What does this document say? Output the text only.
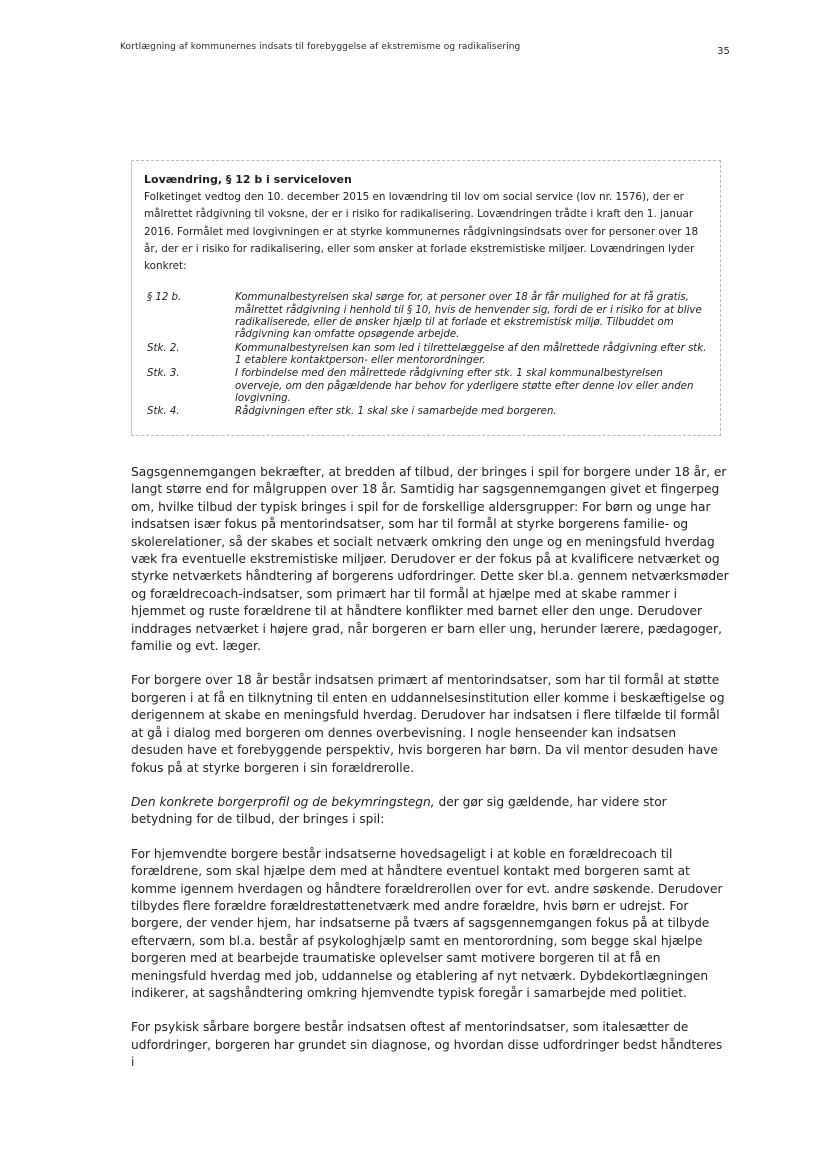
Kortlægning af kommunernes indsats til forebyggelse af ekstremisme og radikalisering	35
Lovændring, § 12 b i serviceloven

Folketinget vedtog den 10. december 2015 en lovændring til lov om social service (lov nr. 1576), der er målrettet rådgivning til voksne, der er i risiko for radikalisering. Lovændringen trådte i kraft den 1. januar 2016. Formålet med lovgivningen er at styrke kommunernes rådgivningsindsats over for personer over 18 år, der er i risiko for radikalisering, eller som ønsker at forlade ekstremistiske miljøer. Lovændringen lyder konkret:

§ 12 b.	Kommunalbestyrelsen skal sørge for, at personer over 18 år får mulighed for at få gratis, målrettet rådgivning i henhold til § 10, hvis de henvender sig, fordi de er i risiko for at blive radikaliserede, eller de ønsker hjælp til at forlade et ekstremistisk miljø. Tilbuddet om rådgivning kan omfatte opsøgende arbejde.
Stk. 2.	Kommunalbestyrelsen kan som led i tilrettelæggelse af den målrettede rådgivning efter stk. 1 etablere kontaktperson- eller mentorordninger.
Stk. 3.	I forbindelse med den målrettede rådgivning efter stk. 1 skal kommunalbestyrelsen overveje, om den pågældende har behov for yderligere støtte efter denne lov eller anden lovgivning.
Stk. 4.	Rådgivningen efter stk. 1 skal ske i samarbejde med borgeren.

Sagsgennemgangen bekræfter, at bredden af tilbud, der bringes i spil for borgere under 18 år, er langt større end for målgruppen over 18 år. Samtidig har sagsgennemgangen givet et fingerpeg om, hvilke tilbud der typisk bringes i spil for de forskellige aldersgrupper: For børn og unge har indsatsen især fokus på mentorindsatser, som har til formål at styrke borgerens familie- og skolerelationer, så der skabes et socialt netværk omkring den unge og en meningsfuld hverdag væk fra eventuelle ekstremistiske miljøer. Derudover er der fokus på at kvalificere netværket og styrke netværkets håndtering af borgerens udfordringer. Dette sker bl.a. gennem netværksmøder og forældrecoach-indsatser, som primært har til formål at hjælpe med at skabe rammer i hjemmet og ruste forældrene til at håndtere konflikter med barnet eller den unge. Derudover inddrages netværket i højere grad, når borgeren er barn eller ung, herunder lærere, pædagoger, familie og evt. læger.

For borgere over 18 år består indsatsen primært af mentorindsatser, som har til formål at støtte borgeren i at få en tilknytning til enten en uddannelsesinstitution eller komme i beskæftigelse og derigennem at skabe en meningsfuld hverdag. Derudover har indsatsen i flere tilfælde til formål at gå i dialog med borgeren om dennes overbevisning. I nogle henseender kan indsatsen desuden have et forebyggende perspektiv, hvis borgeren har børn. Da vil mentor desuden have fokus på at styrke borgeren i sin forældrerolle.

Den konkrete borgerprofil og de bekymringstegn, der gør sig gældende, har videre stor betydning for de tilbud, der bringes i spil:

For hjemvendte borgere består indsatserne hovedsageligt i at koble en forældrecoach til forældrene, som skal hjælpe dem med at håndtere eventuel kontakt med borgeren samt at komme igennem hverdagen og håndtere forældrerollen over for evt. andre søskende. Derudover tilbydes flere forældre forældrestøttenetværk med andre forældre, hvis børn er udrejst. For borgere, der vender hjem, har indsatserne på tværs af sagsgennemgangen fokus på at tilbyde efterværn, som bl.a. består af psykologhjælp samt en mentorordning, som begge skal hjælpe borgeren med at bearbejde traumatiske oplevelser samt motivere borgeren til at få en meningsfuld hverdag med job, uddannelse og etablering af nyt netværk. Dybdekortlægningen indikerer, at sagshåndtering omkring hjemvendte typisk foregår i samarbejde med politiet.

For psykisk sårbare borgere består indsatsen oftest af mentorindsatser, som italesætter de udfordringer, borgeren har grundet sin diagnose, og hvordan disse udfordringer bedst håndteres i
